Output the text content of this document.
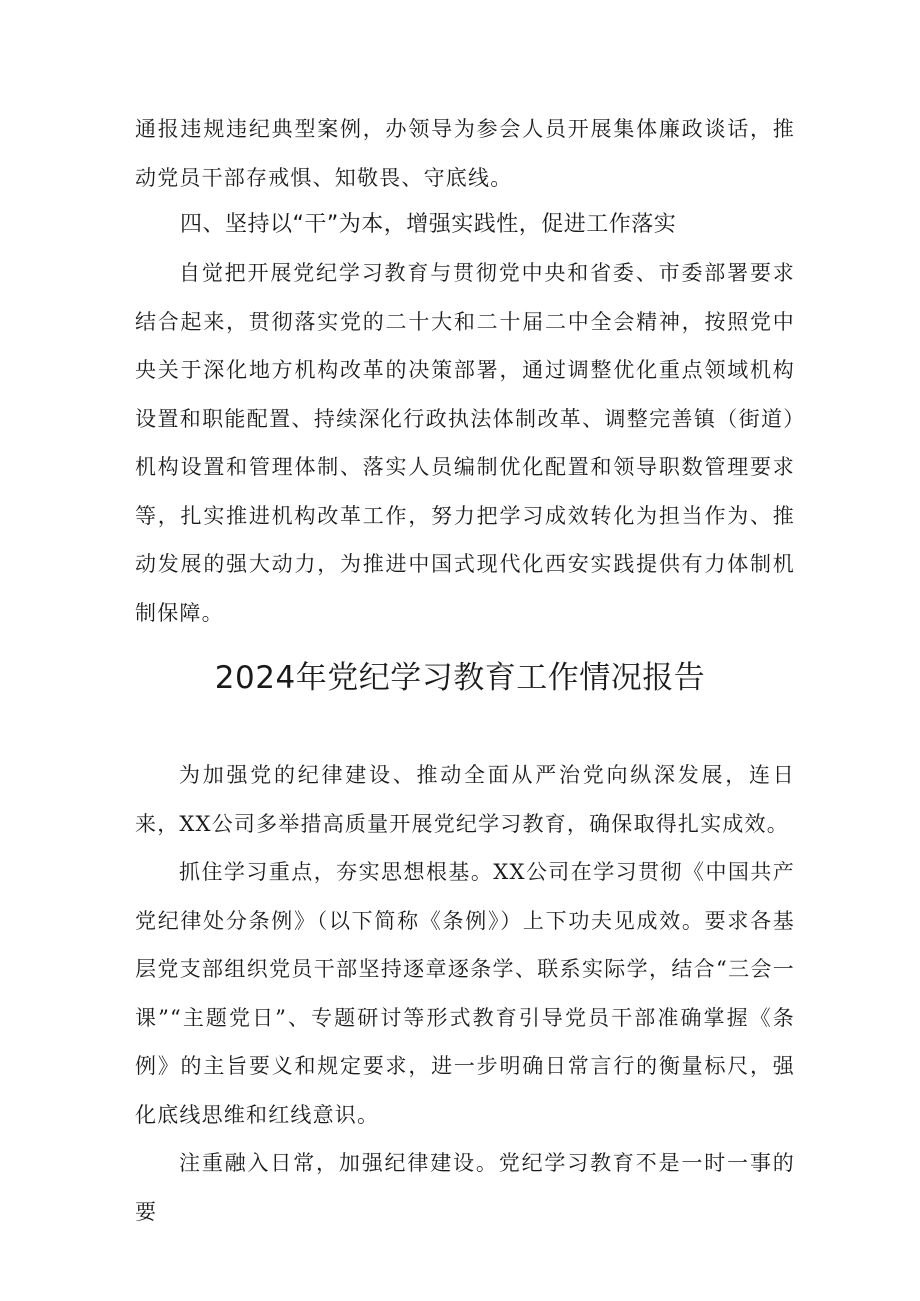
通报违规违纪典型案例，办领导为参会人员开展集体廉政谈话，推动党员干部存戒惧、知敬畏、守底线。

四、坚持以“干”为本，增强实践性，促进工作落实

自觉把开展党纪学习教育与贯彻党中央和省委、市委部署要求结合起来，贯彻落实党的二十大和二十届二中全会精神，按照党中央关于深化地方机构改革的决策部署，通过调整优化重点领域机构设置和职能配置、持续深化行政执法体制改革、调整完善镇（街道）机构设置和管理体制、落实人员编制优化配置和领导职数管理要求等，扎实推进机构改革工作，努力把学习成效转化为担当作为、推动发展的强大动力，为推进中国式现代化西安实践提供有力体制机制保障。

2024年党纪学习教育工作情况报告

为加强党的纪律建设、推动全面从严治党向纵深发展，连日来，XX公司多举措高质量开展党纪学习教育，确保取得扎实成效。

抓住学习重点，夯实思想根基。XX公司在学习贯彻《中国共产党纪律处分条例》（以下简称《条例》）上下功夫见成效。要求各基层党支部组织党员干部坚持逐章逐条学、联系实际学，结合“三会一课”“主题党日”、专题研讨等形式教育引导党员干部准确掌握《条例》的主旨要义和规定要求，进一步明确日常言行的衡量标尺，强化底线思维和红线意识。

注重融入日常，加强纪律建设。党纪学习教育不是一时一事的要
